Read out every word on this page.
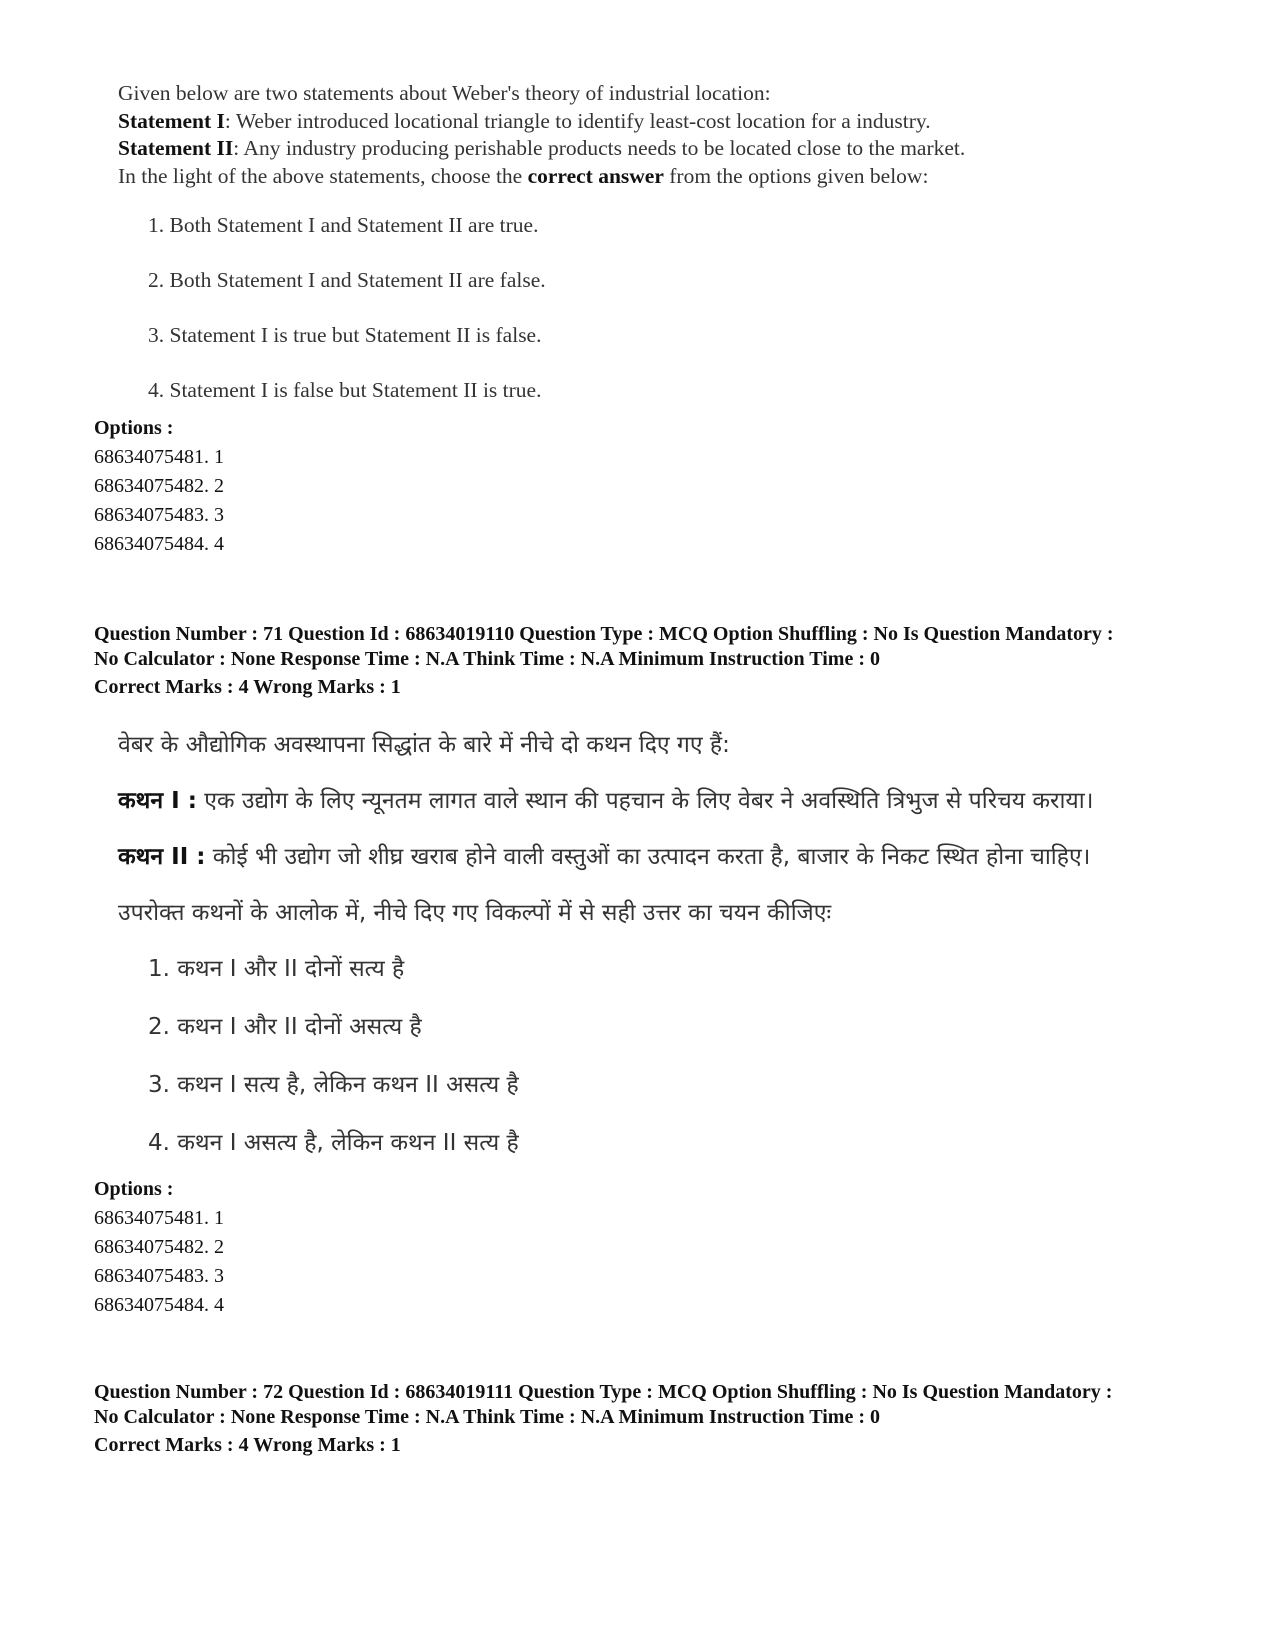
Given below are two statements about Weber's theory of industrial location:
Statement I: Weber introduced locational triangle to identify least-cost location for a industry.
Statement II: Any industry producing perishable products needs to be located close to the market.
In the light of the above statements, choose the correct answer from the options given below:
1. Both Statement I and Statement II are true.
2. Both Statement I and Statement II are false.
3. Statement I is true but Statement II is false.
4. Statement I is false but Statement II is true.
Options :
68634075481. 1
68634075482. 2
68634075483. 3
68634075484. 4
Question Number : 71 Question Id : 68634019110 Question Type : MCQ Option Shuffling : No Is Question Mandatory :
No Calculator : None Response Time : N.A Think Time : N.A Minimum Instruction Time : 0
Correct Marks : 4 Wrong Marks : 1
वेबर के औद्योगिक अवस्थापना सिद्धांत के बारे में नीचे दो कथन दिए गए हैं:
कथन I : एक उद्योग के लिए न्यूनतम लागत वाले स्थान की पहचान के लिए वेबर ने अवस्थिति त्रिभुज से परिचय कराया।
कथन II : कोई भी उद्योग जो शीघ्र खराब होने वाली वस्तुओं का उत्पादन करता है, बाजार के निकट स्थित होना चाहिए।
उपरोक्त कथनों के आलोक में, नीचे दिए गए विकल्पों में से सही उत्तर का चयन कीजिएः
1. कथन I और II दोनों सत्य है
2. कथन I और II दोनों असत्य है
3. कथन I सत्य है, लेकिन कथन II असत्य है
4. कथन I असत्य है, लेकिन कथन II सत्य है
Options :
68634075481. 1
68634075482. 2
68634075483. 3
68634075484. 4
Question Number : 72 Question Id : 68634019111 Question Type : MCQ Option Shuffling : No Is Question Mandatory :
No Calculator : None Response Time : N.A Think Time : N.A Minimum Instruction Time : 0
Correct Marks : 4 Wrong Marks : 1
